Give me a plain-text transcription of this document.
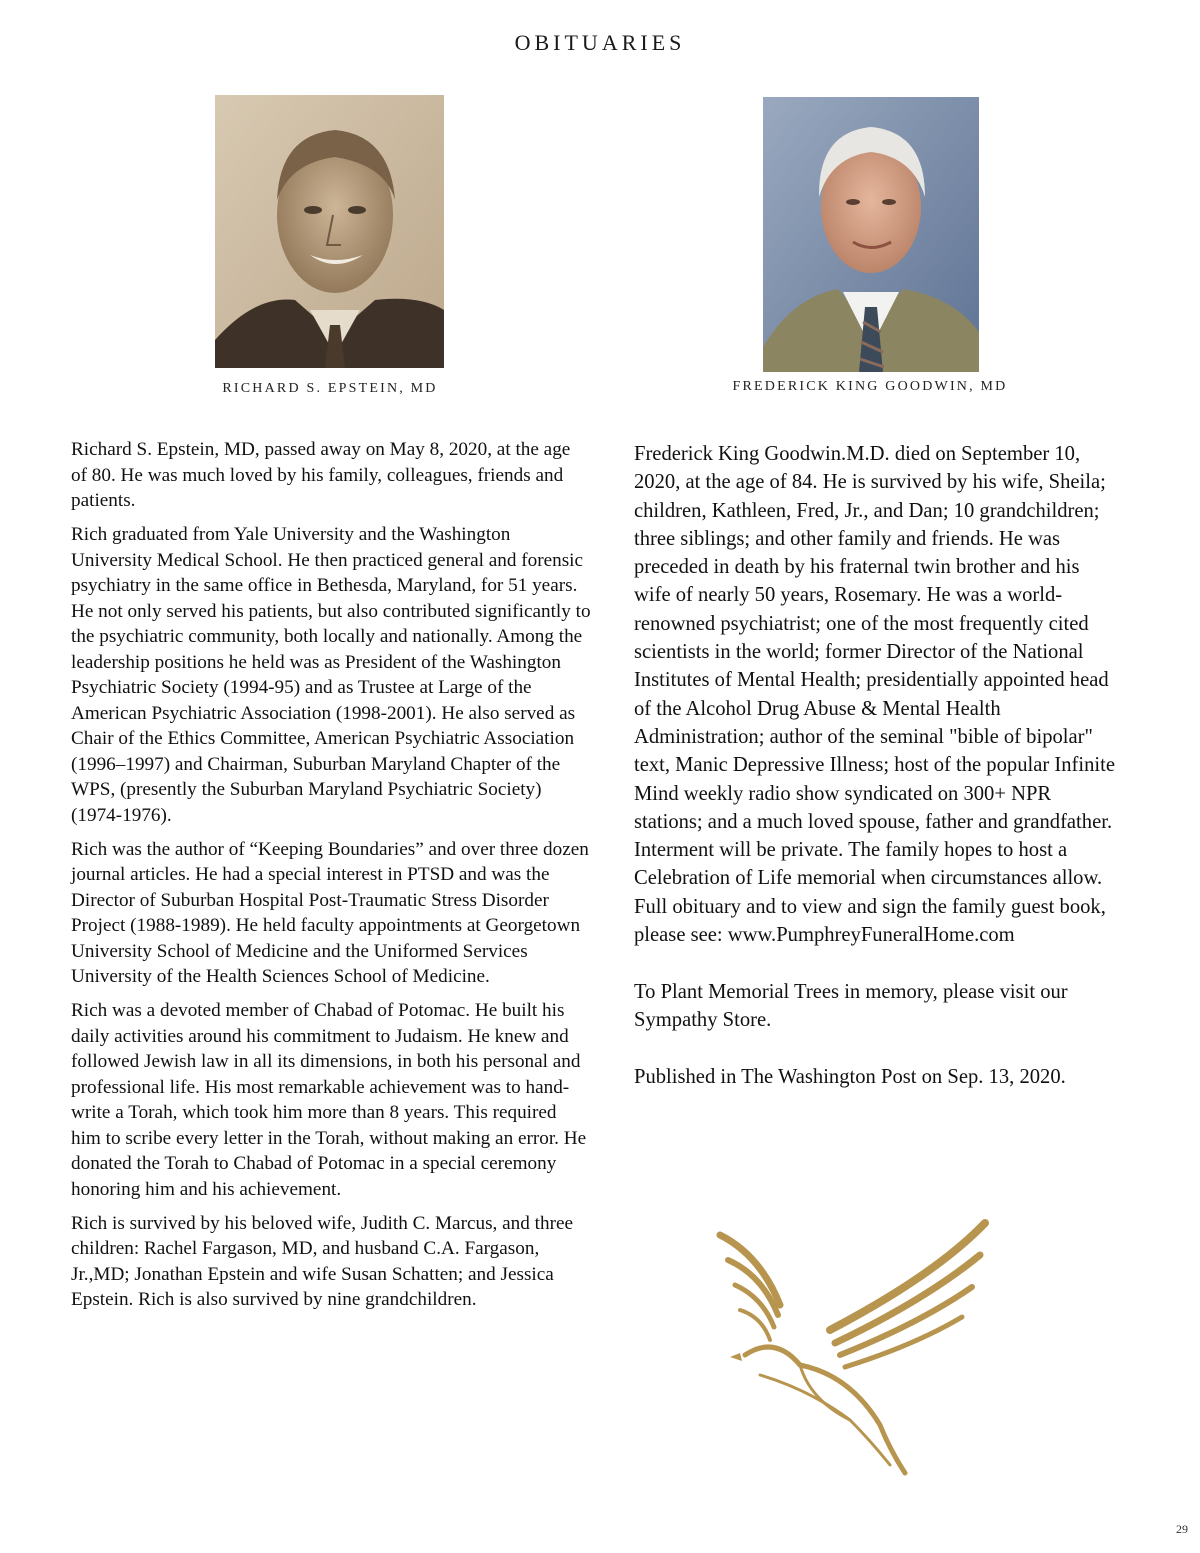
OBITUARIES
RICHARD S. EPSTEIN, MD	FREDERICK KING GOODWIN, MD

Richard S. Epstein, MD, passed away on May 8, 2020, at the age of 80. He was much loved by his family, colleagues, friends and patients.

Rich graduated from Yale University and the Washington University Medical School. He then practiced general and forensic psychiatry in the same office in Bethesda, Maryland, for 51 years. He not only served his patients, but also contributed significantly to the psychiatric community, both locally and nationally. Among the leadership positions he held was as President of the Washington Psychiatric Society (1994-95) and as Trustee at Large of the American Psychiatric Association (1998-2001). He also served as Chair of the Ethics Committee, American Psychiatric Association (1996–1997) and Chairman, Suburban Maryland Chapter of the WPS, (presently the Suburban Maryland Psychiatric Society) (1974-1976).

Rich was the author of “Keeping Boundaries” and over three dozen journal articles. He had a special interest in PTSD and was the Director of Suburban Hospital Post-Traumatic Stress Disorder Project (1988-1989). He held faculty appointments at Georgetown University School of Medicine and the Uniformed Services University of the Health Sciences School of Medicine.

Rich was a devoted member of Chabad of Potomac. He built his daily activities around his commitment to Judaism. He knew and followed Jewish law in all its dimensions, in both his personal and professional life. His most remarkable achievement was to hand-write a Torah, which took him more than 8 years. This required him to scribe every letter in the Torah, without making an error. He donated the Torah to Chabad of Potomac in a special ceremony honoring him and his achievement.

Rich is survived by his beloved wife, Judith C. Marcus, and three children: Rachel Fargason, MD, and husband C.A. Fargason, Jr.,MD; Jonathan Epstein and wife Susan Schatten; and Jessica Epstein. Rich is also survived by nine grandchildren.

Frederick King Goodwin.M.D. died on September 10, 2020, at the age of 84. He is survived by his wife, Sheila; children, Kathleen, Fred, Jr., and Dan; 10 grandchildren; three siblings; and other family and friends. He was preceded in death by his fraternal twin brother and his wife of nearly 50 years, Rosemary. He was a world-renowned psychiatrist; one of the most frequently cited scientists in the world; former Director of the National Institutes of Mental Health; presidentially appointed head of the Alcohol Drug Abuse & Mental Health Administration; author of the seminal "bible of bipolar" text, Manic Depressive Illness; host of the popular Infinite Mind weekly radio show syndicated on 300+ NPR stations; and a much loved spouse, father and grandfather. Interment will be private. The family hopes to host a Celebration of Life memorial when circumstances allow. Full obituary and to view and sign the family guest book, please see: www.PumphreyFuneralHome.com

To Plant Memorial Trees in memory, please visit our Sympathy Store.

Published in The Washington Post on Sep. 13, 2020.

29
